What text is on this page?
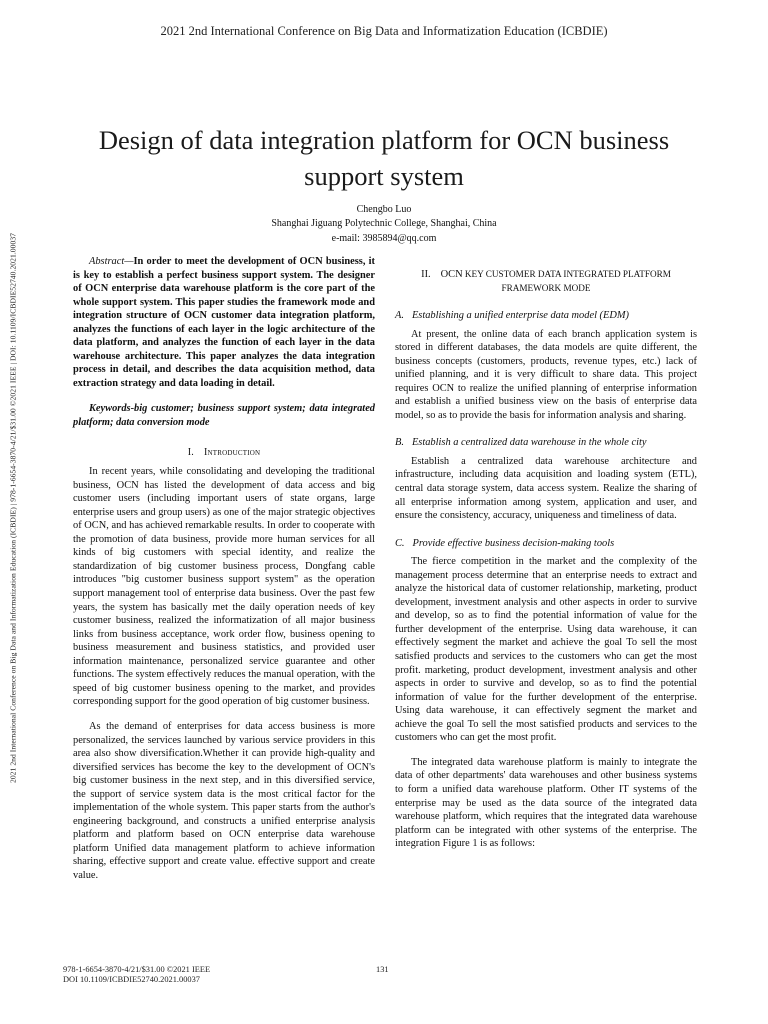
2021 2nd International Conference on Big Data and Informatization Education (ICBDIE)
2021 2nd International Conference on Big Data and Informatization Education (ICBDIE) | 978-1-6654-3870-4/21/$31.00 ©2021 IEEE | DOI: 10.1109/ICBDIE52740.2021.00037
Design of data integration platform for OCN business support system
Chengbo Luo
Shanghai Jiguang Polytechnic College, Shanghai, China
e-mail: 3985894@qq.com

Abstract—In order to meet the development of OCN business, it is key to establish a perfect business support system. The designer of OCN enterprise data warehouse platform is the core part of the whole support system. This paper studies the framework mode and integration structure of OCN customer data integration platform, analyzes the functions of each layer in the logic architecture of the data platform, and analyzes the function of each layer in the data warehouse architecture. This paper analyzes the data integration process in detail, and describes the data acquisition method, data extraction strategy and data loading in detail.

Keywords-big customer; business support system; data integrated platform; data conversion mode

I. Introduction

In recent years, while consolidating and developing the traditional business, OCN has listed the development of data access and big customer users (including important users of state organs, large enterprise users and group users) as one of the major strategic objectives of OCN, and has achieved remarkable results. In order to cooperate with the promotion of data business, provide more human services for all kinds of big customers with special identity, and realize the standardization of big customer business process, Dongfang cable introduces "big customer business support system" as the operation support management tool of enterprise data business. Over the past few years, the system has basically met the daily operation needs of key customer business, realized the informatization of all major business links from business acceptance, work order flow, business opening to business measurement and business statistics, and provided user information maintenance, personalized service guarantee and other functions. The system effectively reduces the manual operation, with the speed of big customer business opening to the market, and provides corresponding support for the good operation of big customer business.

As the demand of enterprises for data access business is more personalized, the services launched by various service providers in this area also show diversification.Whether it can provide high-quality and diversified services has become the key to the development of OCN's big customer business in the next step, and in this diversified service, the support of service system data is the most critical factor for the implementation of the whole system. This paper starts from the author's engineering background, and constructs a unified enterprise analysis platform and platform based on OCN enterprise data warehouse platform Unified data management platform to achieve information sharing, effective support and create value. effective support and create value.

II. OCN KEY CUSTOMER DATA INTEGRATED PLATFORM FRAMEWORK MODE

A. Establishing a unified enterprise data model (EDM)

At present, the online data of each branch application system is stored in different databases, the data models are quite different, the business concepts (customers, products, revenue types, etc.) lack of unified planning, and it is very difficult to share data. This project requires OCN to realize the unified planning of enterprise information and establish a unified business view on the basis of enterprise data model, so as to provide the basis for information analysis and sharing.

B. Establish a centralized data warehouse in the whole city

Establish a centralized data warehouse architecture and infrastructure, including data acquisition and loading system (ETL), central data storage system, data access system. Realize the sharing of all enterprise information among system, application and user, and ensure the consistency, accuracy, uniqueness and timeliness of data.

C. Provide effective business decision-making tools

The fierce competition in the market and the complexity of the management process determine that an enterprise needs to extract and analyze the historical data of customer relationship, marketing, product development, investment analysis and other aspects in order to survive and develop, so as to find the potential information of value for the further development of the enterprise. Using data warehouse, it can effectively segment the market and achieve the goal To sell the most satisfied products and services to the customers who can get the most profit. marketing, product development, investment analysis and other aspects in order to survive and develop, so as to find the potential information of value for the further development of the enterprise. Using data warehouse, it can effectively segment the market and achieve the goal To sell the most satisfied products and services to the customers who can get the most profit.

The integrated data warehouse platform is mainly to integrate the data of other departments' data warehouses and other business systems to form a unified data warehouse platform. Other IT systems of the enterprise may be used as the data source of the integrated data warehouse platform, which requires that the integrated data warehouse platform can be integrated with other systems of the enterprise. The integration Figure 1 is as follows:

978-1-6654-3870-4/21/$31.00 ©2021 IEEE
DOI 10.1109/ICBDIE52740.2021.00037
131
